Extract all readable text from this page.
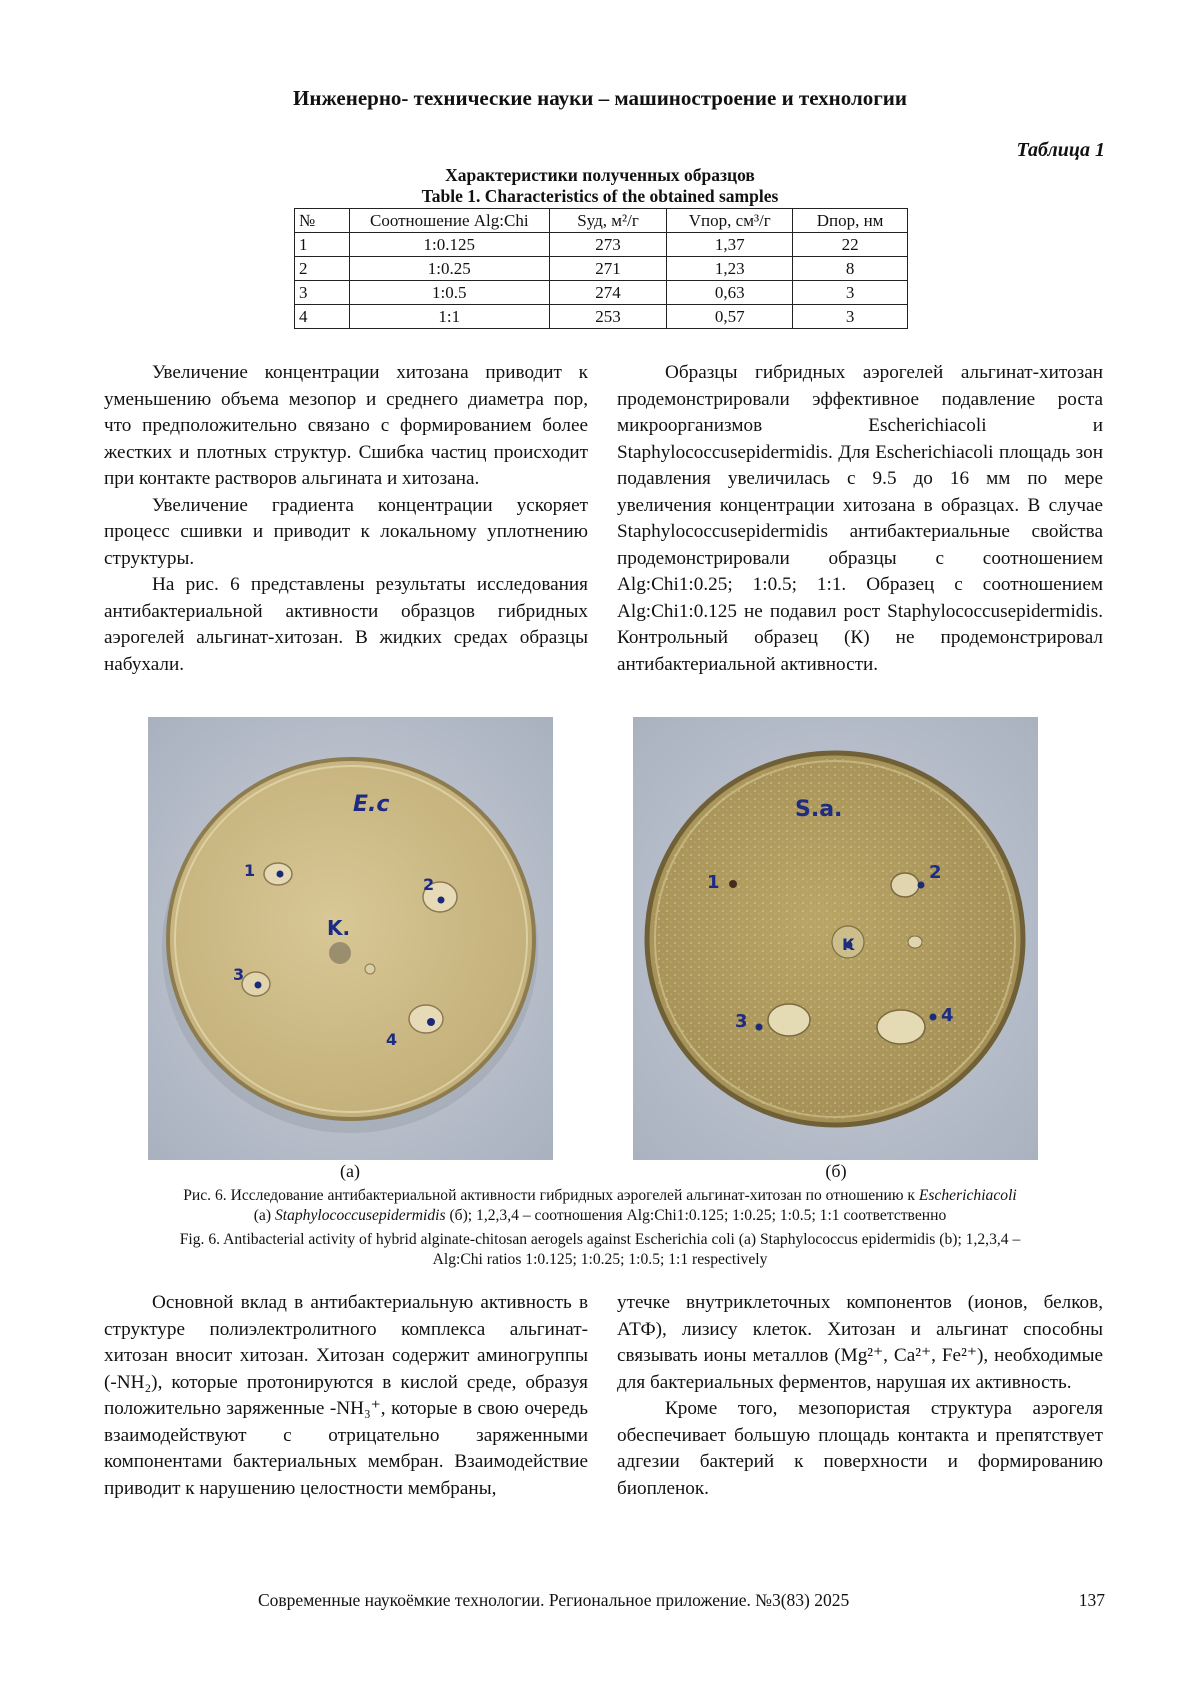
Инженерно- технические науки – машиностроение и технологии
Таблица 1
Характеристики полученных образцов
Table 1. Characteristics of the obtained samples
№	Соотношение Alg:Chi	Sуд, м²/г	Vпор, см³/г	Dпор, нм
1	1:0.125	273	1,37	22
2	1:0.25	271	1,23	8
3	1:0.5	274	0,63	3
4	1:1	253	0,57	3

Увеличение концентрации хитозана приводит к уменьшению объема мезопор и среднего диаметра пор, что предположительно связано с формированием более жестких и плотных структур. Сшибка частиц происходит при контакте растворов альгината и хитозана.

Увеличение градиента концентрации ускоряет процесс сшивки и приводит к локальному уплотнению структуры.

На рис. 6 представлены результаты исследования антибактериальной активности образцов гибридных аэрогелей альгинат-хитозан. В жидких средах образцы набухали.

Образцы гибридных аэрогелей альгинат-хитозан продемонстрировали эффективное подавление роста микроорганизмов Escherichiacoli и Staphylococcusepidermidis. Для Escherichiacoli площадь зон подавления увеличилась с 9.5 до 16 мм по мере увеличения концентрации хитозана в образцах. В случае Staphylococcusepidermidis антибактериальные свойства продемонстрировали образцы с соотношением Alg:Chi1:0.25; 1:0.5; 1:1. Образец с соотношением Alg:Chi1:0.125 не подавил рост Staphylococcusepidermidis. Контрольный образец (К) не продемонстрировал антибактериальной активности.

E.c
1
2
3
4
K.
S.a.
1	2
3	4
K
(а)	(б)
Рис. 6. Исследование антибактериальной активности гибридных аэрогелей альгинат-хитозан по отношению к Escherichiacoli
(а) Staphylococcusepidermidis (б); 1,2,3,4 – соотношения Alg:Chi1:0.125; 1:0.25; 1:0.5; 1:1 соответственно
Fig. 6. Antibacterial activity of hybrid alginate-chitosan aerogels against Escherichia coli (a) Staphylococcus epidermidis (b); 1,2,3,4 –
Alg:Chi ratios 1:0.125; 1:0.25; 1:0.5; 1:1 respectively

Основной вклад в антибактериальную активность в структуре полиэлектролитного комплекса альгинат-хитозан вносит хитозан. Хитозан содержит аминогруппы (-NH₂), которые протонируются в кислой среде, образуя положительно заряженные -NH₃⁺, которые в свою очередь взаимодействуют с отрицательно заряженными компонентами бактериальных мембран. Взаимодействие приводит к нарушению целостности мембраны,

утечке внутриклеточных компонентов (ионов, белков, АТФ), лизису клеток. Хитозан и альгинат способны связывать ионы металлов (Mg²⁺, Ca²⁺, Fe²⁺), необходимые для бактериальных ферментов, нарушая их активность.

Кроме того, мезопористая структура аэрогеля обеспечивает большую площадь контакта и препятствует адгезии бактерий к поверхности и формированию биопленок.

Современные наукоёмкие технологии. Региональное приложение. №3(83) 2025	137
